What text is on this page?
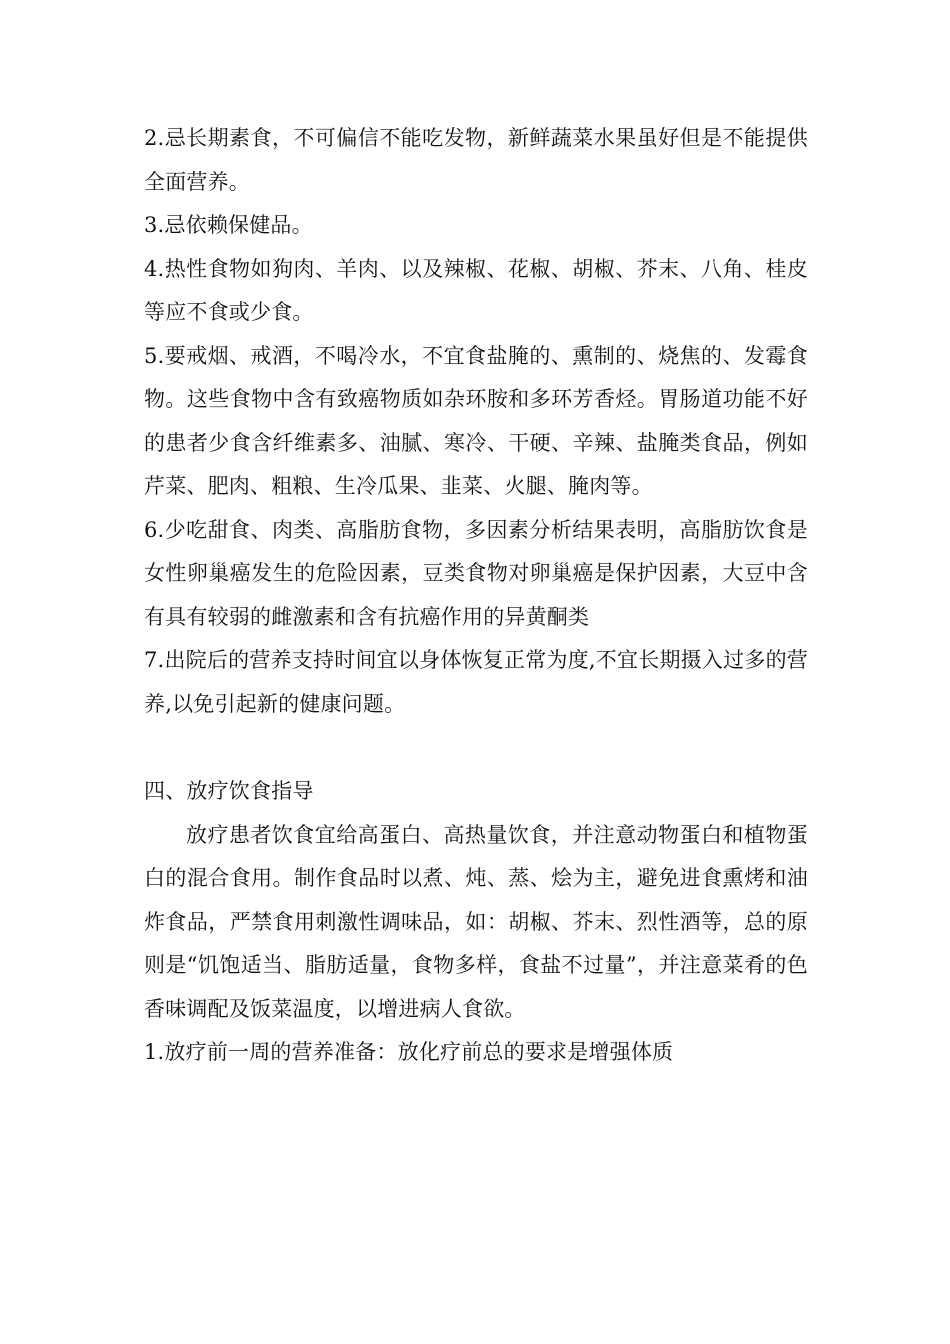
2.忌长期素食，不可偏信不能吃发物，新鲜蔬菜水果虽好但是不能提供全面营养。

3.忌依赖保健品。

4.热性食物如狗肉、羊肉、以及辣椒、花椒、胡椒、芥末、八角、桂皮等应不食或少食。

5.要戒烟、戒酒，不喝冷水，不宜食盐腌的、熏制的、烧焦的、发霉食物。这些食物中含有致癌物质如杂环胺和多环芳香烃。胃肠道功能不好的患者少食含纤维素多、油腻、寒冷、干硬、辛辣、盐腌类食品，例如芹菜、肥肉、粗粮、生冷瓜果、韭菜、火腿、腌肉等。

6.少吃甜食、肉类、高脂肪食物，多因素分析结果表明，高脂肪饮食是女性卵巢癌发生的危险因素，豆类食物对卵巢癌是保护因素，大豆中含有具有较弱的雌激素和含有抗癌作用的异黄酮类

7.出院后的营养支持时间宜以身体恢复正常为度,不宜长期摄入过多的营养,以免引起新的健康问题。

四、放疗饮食指导

放疗患者饮食宜给高蛋白、高热量饮食，并注意动物蛋白和植物蛋白的混合食用。制作食品时以煮、炖、蒸、烩为主，避免进食熏烤和油炸食品，严禁食用刺激性调味品，如：胡椒、芥末、烈性酒等，总的原则是“饥饱适当、脂肪适量，食物多样，食盐不过量”，并注意菜肴的色香味调配及饭菜温度，以增进病人食欲。

1.放疗前一周的营养准备：放化疗前总的要求是增强体质
